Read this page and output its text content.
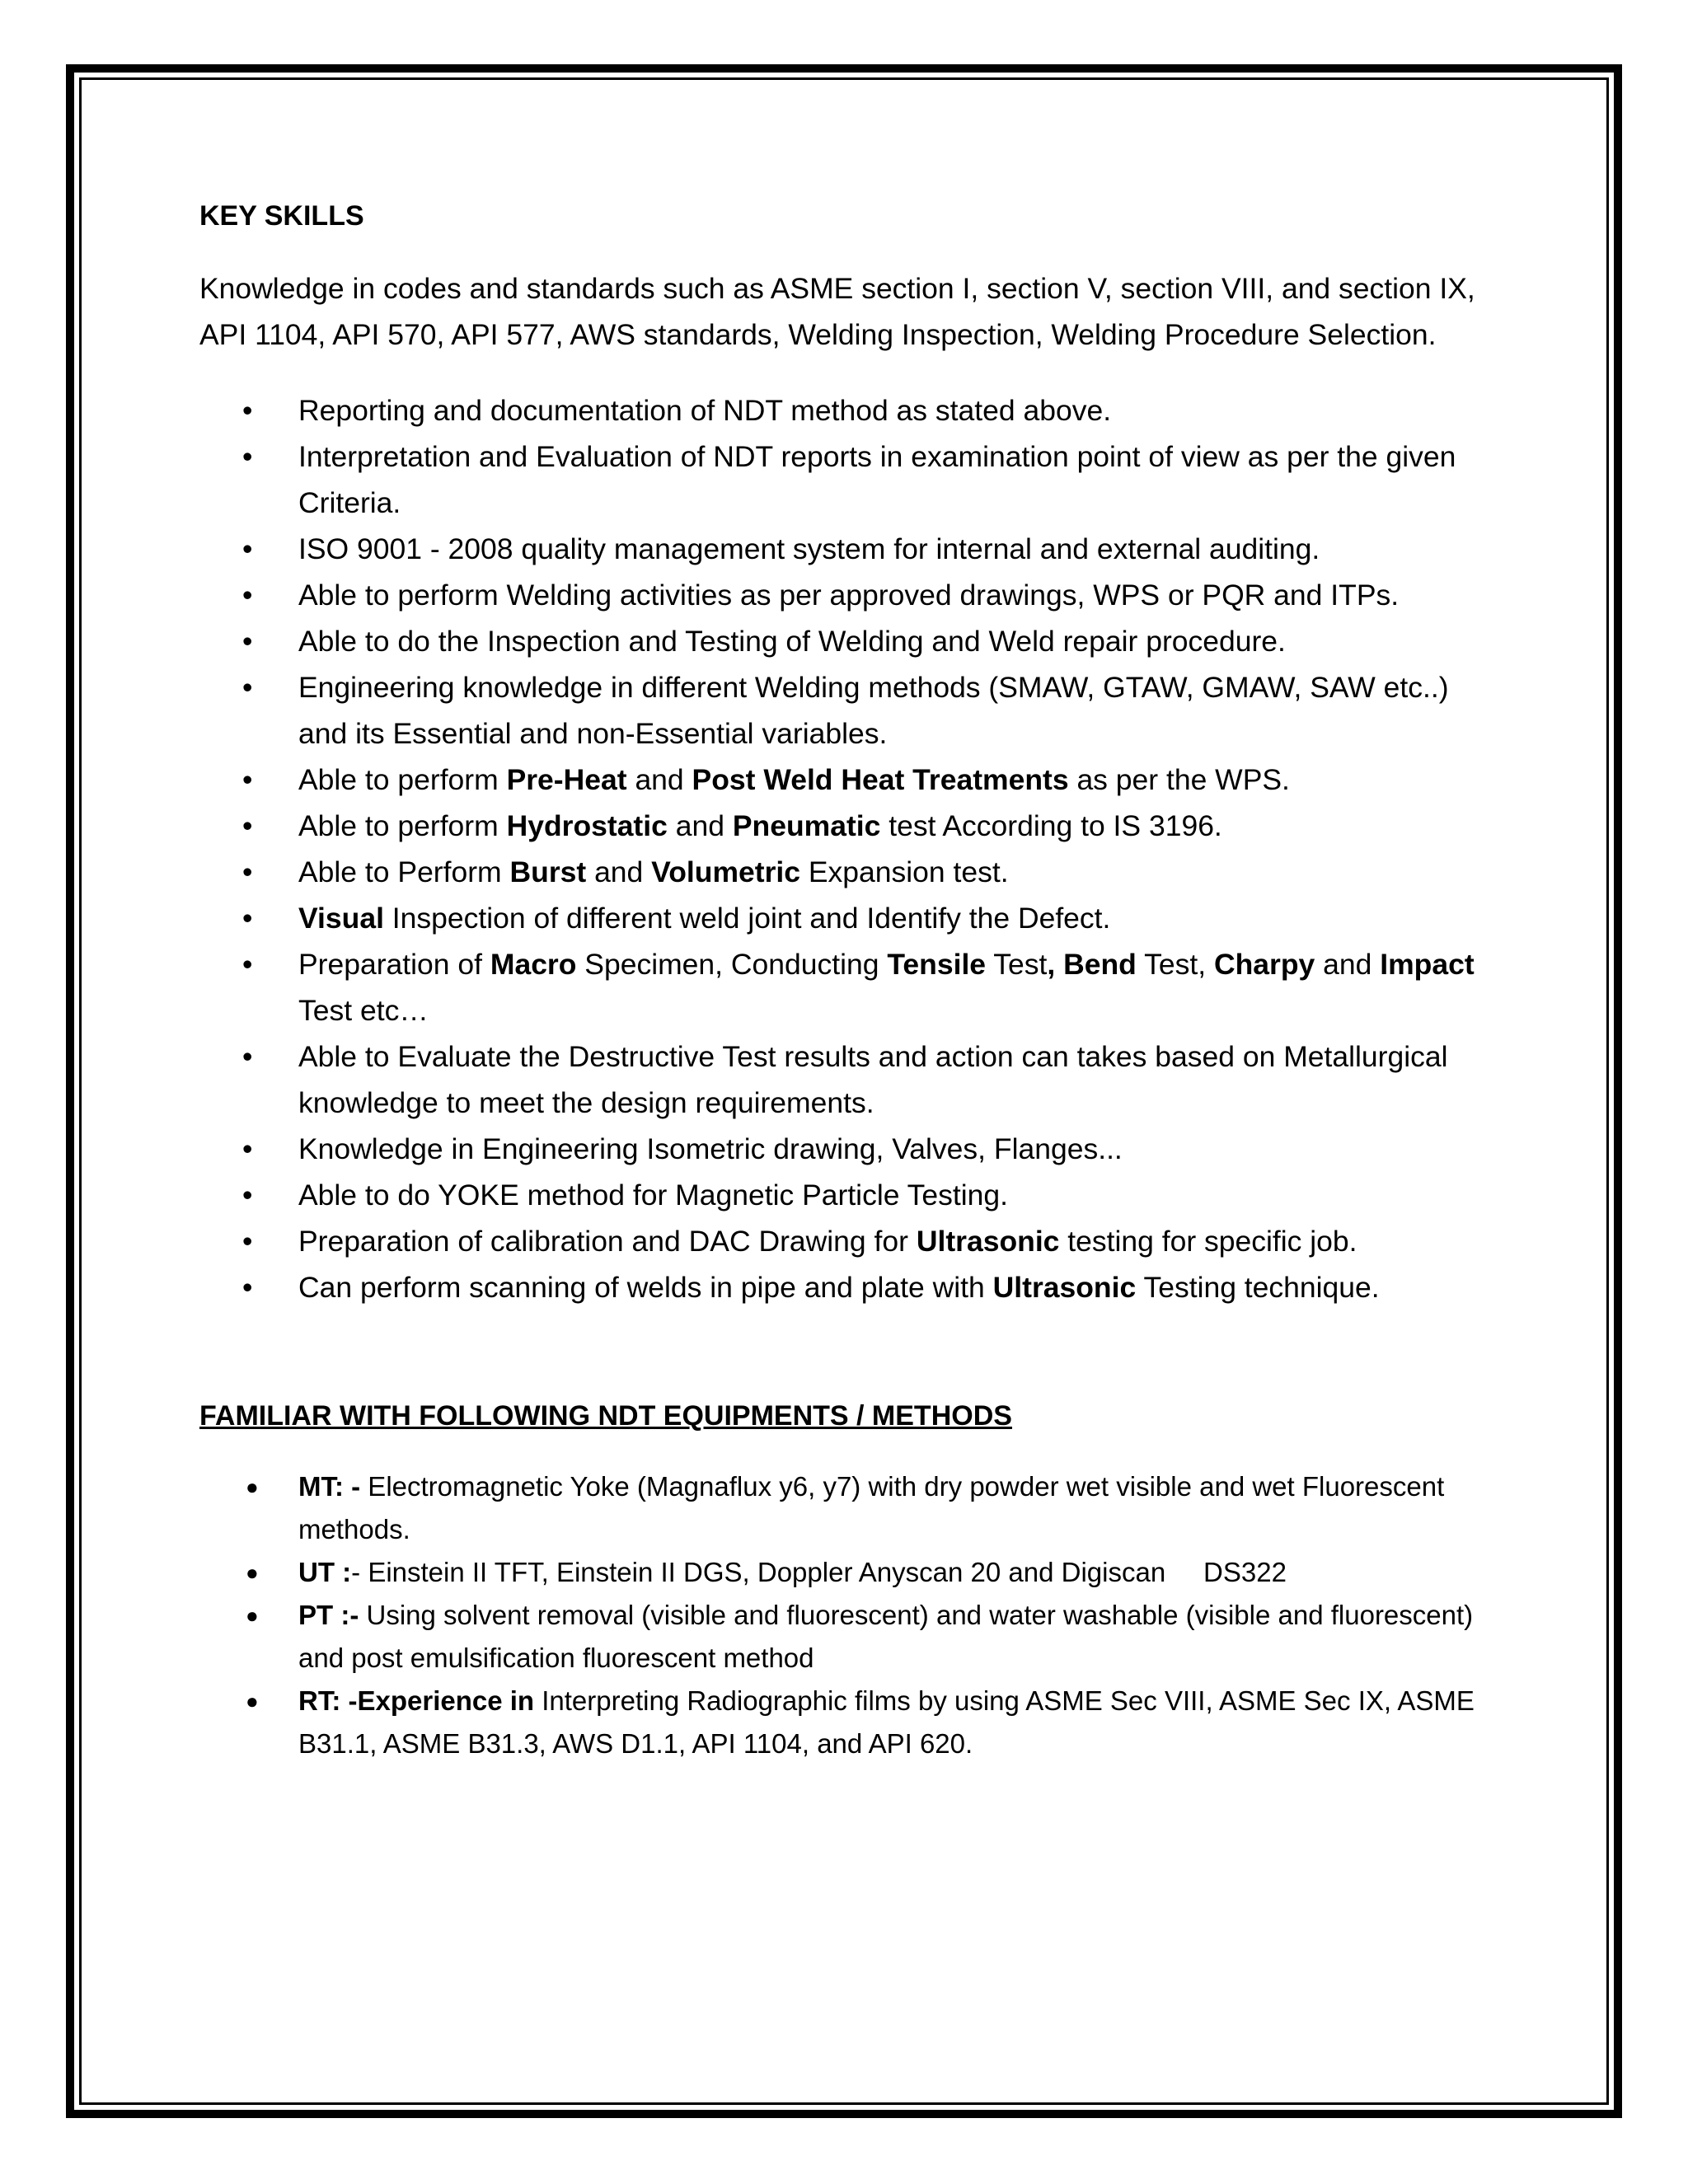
KEY SKILLS
Knowledge in codes and standards such as ASME section I, section V, section VIII, and section IX, API 1104, API 570, API 577, AWS standards, Welding Inspection, Welding Procedure Selection.
• Reporting and documentation of NDT method as stated above.
• Interpretation and Evaluation of NDT reports in examination point of view as per the given Criteria.
• ISO 9001 - 2008 quality management system for internal and external auditing.
• Able to perform Welding activities as per approved drawings, WPS or PQR and ITPs.
• Able to do the Inspection and Testing of Welding and Weld repair procedure.
• Engineering knowledge in different Welding methods (SMAW, GTAW, GMAW, SAW etc..) and its Essential and non-Essential variables.
• Able to perform Pre-Heat and Post Weld Heat Treatments as per the WPS.
• Able to perform Hydrostatic and Pneumatic test According to IS 3196.
• Able to Perform Burst and Volumetric Expansion test.
• Visual Inspection of different weld joint and Identify the Defect.
• Preparation of Macro Specimen, Conducting Tensile Test, Bend Test, Charpy and Impact Test etc…
• Able to Evaluate the Destructive Test results and action can takes based on Metallurgical knowledge to meet the design requirements.
• Knowledge in Engineering Isometric drawing, Valves, Flanges...
• Able to do YOKE method for Magnetic Particle Testing.
• Preparation of calibration and DAC Drawing for Ultrasonic testing for specific job.
• Can perform scanning of welds in pipe and plate with Ultrasonic Testing technique.
FAMILIAR WITH FOLLOWING NDT EQUIPMENTS / METHODS
● MT: - Electromagnetic Yoke (Magnaflux y6, y7) with dry powder wet visible and wet Fluorescent methods.
● UT :- Einstein II TFT, Einstein II DGS, Doppler Anyscan 20 and Digiscan     DS322
● PT :- Using solvent removal (visible and fluorescent) and water washable (visible and fluorescent) and post emulsification fluorescent method
● RT: -Experience in Interpreting Radiographic films by using ASME Sec VIII, ASME Sec IX, ASME B31.1, ASME B31.3, AWS D1.1, API 1104, and API 620.
